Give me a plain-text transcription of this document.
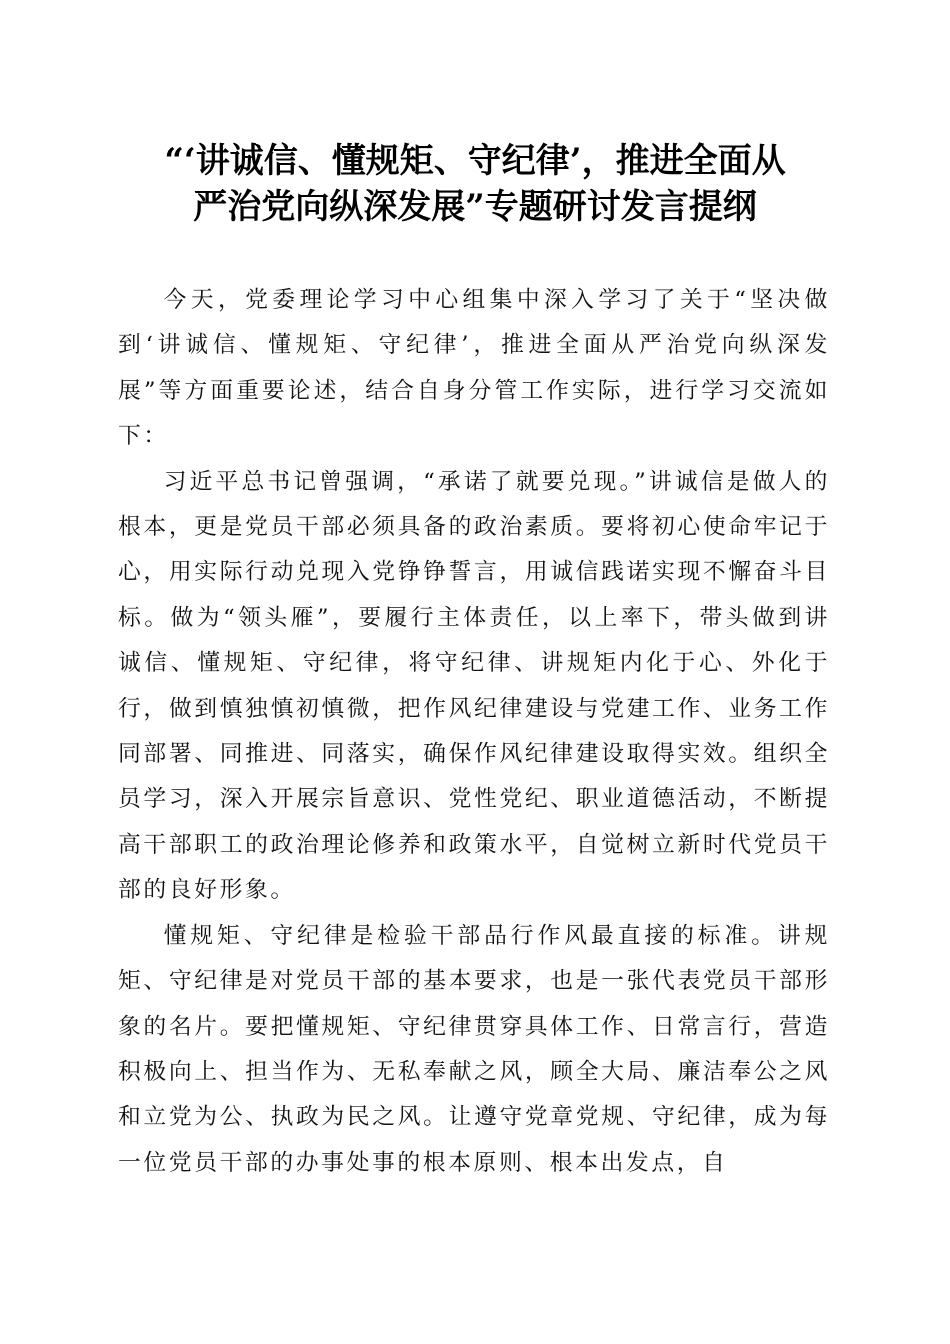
“‘讲诚信、懂规矩、守纪律’，推进全面从
严治党向纵深发展”专题研讨发言提纲

今天，党委理论学习中心组集中深入学习了关于“坚决做到‘讲诚信、懂规矩、守纪律’，推进全面从严治党向纵深发展”等方面重要论述，结合自身分管工作实际，进行学习交流如下：

习近平总书记曾强调，“承诺了就要兑现。”讲诚信是做人的根本，更是党员干部必须具备的政治素质。要将初心使命牢记于心，用实际行动兑现入党铮铮誓言，用诚信践诺实现不懈奋斗目标。做为“领头雁”，要履行主体责任，以上率下，带头做到讲诚信、懂规矩、守纪律，将守纪律、讲规矩内化于心、外化于行，做到慎独慎初慎微，把作风纪律建设与党建工作、业务工作同部署、同推进、同落实，确保作风纪律建设取得实效。组织全员学习，深入开展宗旨意识、党性党纪、职业道德活动，不断提高干部职工的政治理论修养和政策水平，自觉树立新时代党员干部的良好形象。

懂规矩、守纪律是检验干部品行作风最直接的标准。讲规矩、守纪律是对党员干部的基本要求，也是一张代表党员干部形象的名片。要把懂规矩、守纪律贯穿具体工作、日常言行，营造积极向上、担当作为、无私奉献之风，顾全大局、廉洁奉公之风和立党为公、执政为民之风。让遵守党章党规、守纪律，成为每一位党员干部的办事处事的根本原则、根本出发点，自
